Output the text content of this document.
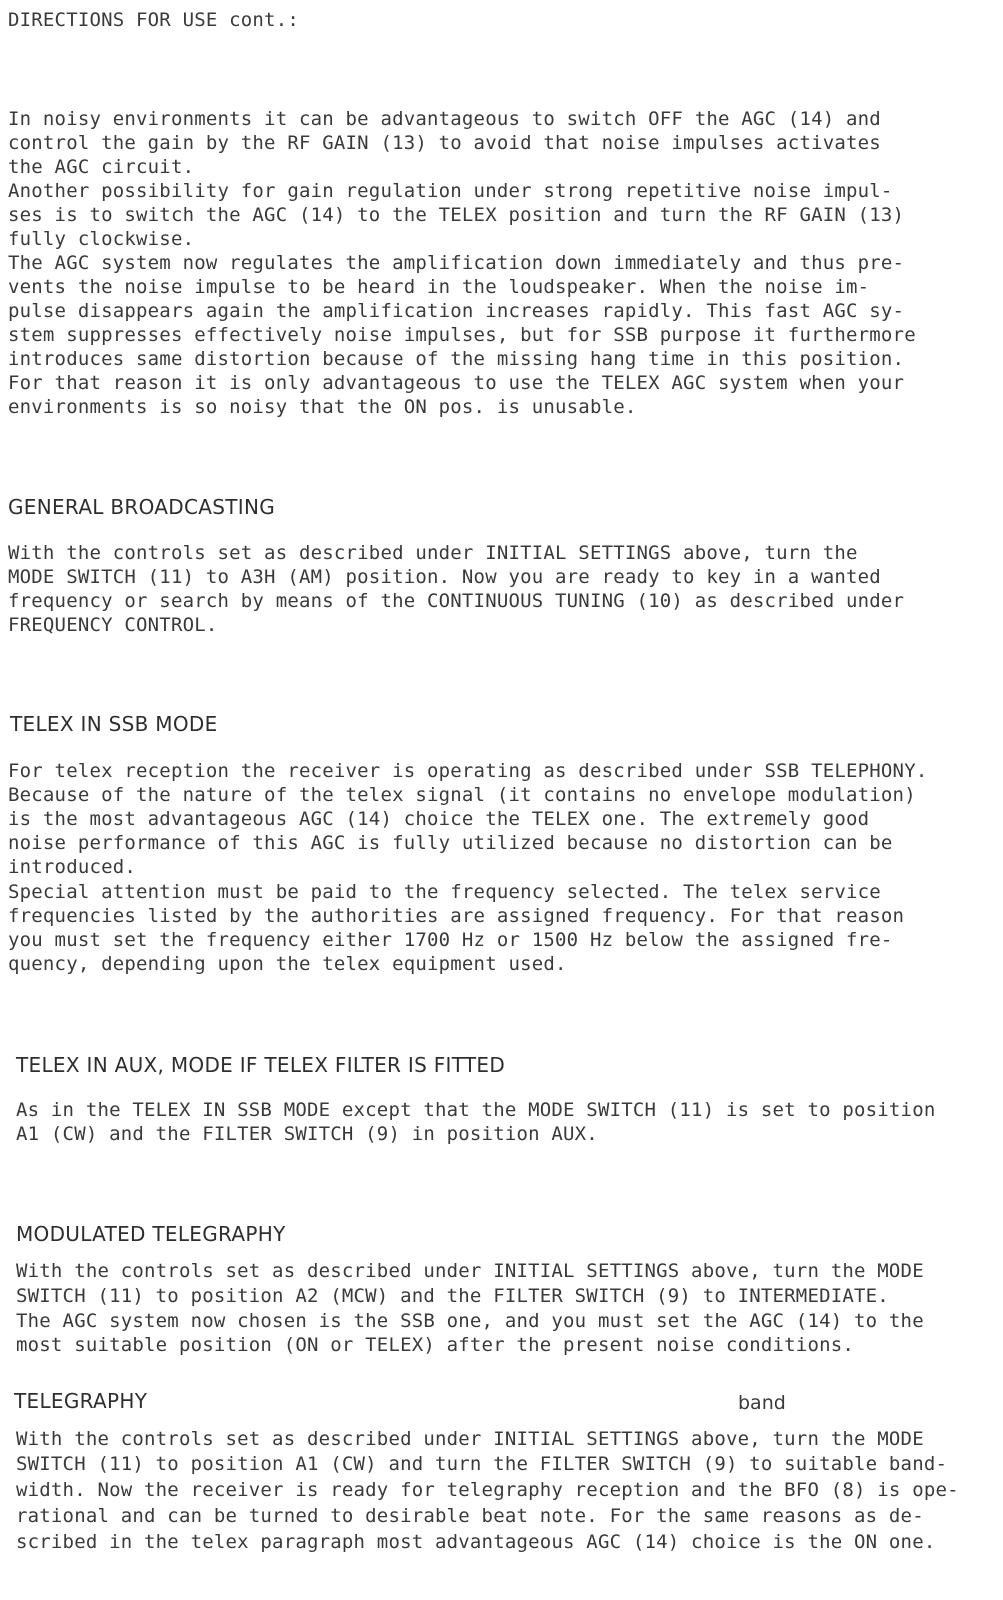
DIRECTIONS FOR USE cont.:

In noisy environments it can be advantageous to switch OFF the AGC (14) and

control the gain by the RF GAIN (13) to avoid that noise impulses activates

the AGC circuit.

Another possibility for gain regulation under strong repetitive noise impul-

ses is to switch the AGC (14) to the TELEX position and turn the RF GAIN (13)

fully clockwise.

The AGC system now regulates the amplification down immediately and thus pre-

vents the noise impulse to be heard in the loudspeaker. When the noise im-

pulse disappears again the amplification increases rapidly. This fast AGC sy-

stem suppresses effectively noise impulses, but for SSB purpose it furthermore

introduces same distortion because of the missing hang time in this position.

For that reason it is only advantageous to use the TELEX AGC system when your

environments is so noisy that the ON pos. is unusable.

GENERAL BROADCASTING

With the controls set as described under INITIAL SETTINGS above, turn the

MODE SWITCH (11) to A3H (AM) position. Now you are ready to key in a wanted

frequency or search by means of the CONTINUOUS TUNING (10) as described under

FREQUENCY CONTROL.

TELEX IN SSB MODE

For telex reception the receiver is operating as described under SSB TELEPHONY.

Because of the nature of the telex signal (it contains no envelope modulation)

is the most advantageous AGC (14) choice the TELEX one. The extremely good

noise performance of this AGC is fully utilized because no distortion can be

introduced.

Special attention must be paid to the frequency selected. The telex service

frequencies listed by the authorities are assigned frequency. For that reason

you must set the frequency either 1700 Hz or 1500 Hz below the assigned fre-

quency, depending upon the telex equipment used.

TELEX IN AUX, MODE IF TELEX FILTER IS FITTED

As in the TELEX IN SSB MODE except that the MODE SWITCH (11) is set to position

A1 (CW) and the FILTER SWITCH (9) in position AUX.

MODULATED TELEGRAPHY

With the controls set as described under INITIAL SETTINGS above, turn the MODE

SWITCH (11) to position A2 (MCW) and the FILTER SWITCH (9) to INTERMEDIATE.

The AGC system now chosen is the SSB one, and you must set the AGC (14) to the

most suitable position (ON or TELEX) after the present noise conditions.

TELEGRAPHY	band

With the controls set as described under INITIAL SETTINGS above, turn the MODE

SWITCH (11) to position A1 (CW) and turn the FILTER SWITCH (9) to suitable band-

width. Now the receiver is ready for telegraphy reception and the BFO (8) is ope-

rational and can be turned to desirable beat note. For the same reasons as de-

scribed in the telex paragraph most advantageous AGC (14) choice is the ON one.
